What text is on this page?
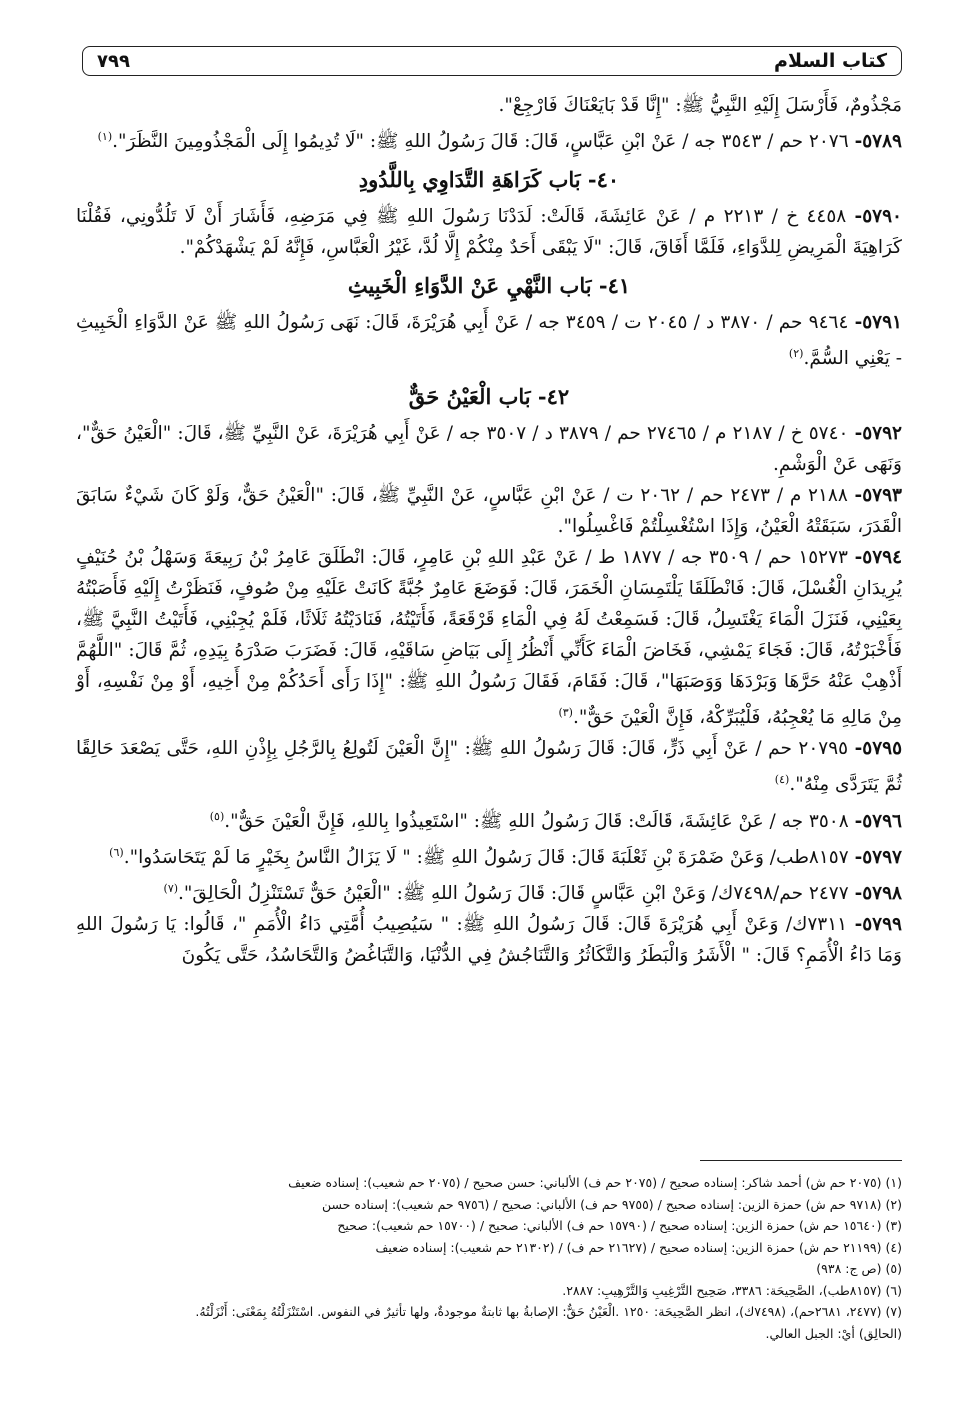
كتاب السلام
٧٩٩

مَجْذُومٌ، فَأَرْسَلَ إِلَيْهِ النَّبِيُّ ﷺ: "إِنَّا قَدْ بَايَعْنَاكَ فَارْجِعْ".

٥٧٨٩- ٢٠٧٦ حم / ٣٥٤٣ جه / عَنْ ابْنِ عَبَّاسٍ، قَالَ: قَالَ رَسُولُ اللهِ ﷺ: "لَا تُدِيمُوا إِلَى الْمَجْذُومِينَ النَّظَرَ".$^{(١)}$

٤٠- بَاب كَرَاهَةِ التَّدَاوِي بِاللَّدُودِ

٥٧٩٠- ٤٤٥٨ خ / ٢٢١٣ م / عَنْ عَائِشَةَ، قَالَتْ: لَدَدْنَا رَسُولَ اللهِ ﷺ فِي مَرَضِهِ، فَأَشَارَ أَنْ لَا تَلُدُّونِي، فَقُلْنَا كَرَاهِيَةَ الْمَرِيضِ لِلدَّوَاءِ، فَلَمَّا أَفَاقَ، قَالَ: "لَا يَبْقَى أَحَدٌ مِنْكُمْ إِلَّا لُدَّ، غَيْرُ الْعَبَّاسِ، فَإِنَّهُ لَمْ يَشْهَدْكُمْ".

٤١- بَاب النَّهْيِ عَنْ الدَّوَاءِ الْخَبِيثِ

٥٧٩١- ٩٤٦٤ حم / ٣٨٧٠ د / ٢٠٤٥ ت / ٣٤٥٩ جه / عَنْ أَبِي هُرَيْرَةَ، قَالَ: نَهَى رَسُولُ اللهِ ﷺ عَنْ الدَّوَاءِ الْخَبِيثِ - يَعْنِي السُّمَّ.$^{(٢)}$

٤٢- بَاب الْعَيْنُ حَقٌّ

٥٧٩٢- ٥٧٤٠ خ / ٢١٨٧ م / ٢٧٤٦٥ حم / ٣٨٧٩ د / ٣٥٠٧ جه / عَنْ أَبِي هُرَيْرَةَ، عَنْ النَّبِيِّ ﷺ، قَالَ: "الْعَيْنُ حَقٌّ"، وَنَهَى عَنْ الْوَشْمِ.

٥٧٩٣- ٢١٨٨ م / ٢٤٧٣ حم / ٢٠٦٢ ت / عَنْ ابْنِ عَبَّاسٍ، عَنْ النَّبِيِّ ﷺ، قَالَ: "الْعَيْنُ حَقٌّ، وَلَوْ كَانَ شَيْءٌ سَابَقَ الْقَدَرَ، سَبَقَتْهُ الْعَيْنُ، وَإِذَا اسْتُغْسِلْتُمْ فَاغْسِلُوا".

٥٧٩٤- ١٥٢٧٣ حم / ٣٥٠٩ جه / ١٨٧٧ ط / عَنْ عَبْدِ اللهِ بْنِ عَامِرٍ، قَالَ: انْطَلَقَ عَامِرُ بْنُ رَبِيعَةَ وَسَهْلُ بْنُ حُنَيْفٍ يُرِيدَانِ الْغُسْلَ، قَالَ: فَانْطَلَقَا يَلْتَمِسَانِ الْخَمَرَ، قَالَ: فَوَضَعَ عَامِرٌ جُبَّةً كَانَتْ عَلَيْهِ مِنْ صُوفٍ، فَنَظَرْتُ إِلَيْهِ فَأَصَبْتُهُ بِعَيْنِي، فَنَزَلَ الْمَاءَ يَغْتَسِلُ، قَالَ: فَسَمِعْتُ لَهُ فِي الْمَاءِ قَرْقَعَةً، فَأَتَيْتُهُ، فَنَادَيْتُهُ ثَلَاثًا، فَلَمْ يُجِبْنِي، فَأَتَيْتُ النَّبِيَّ ﷺ، فَأَخْبَرْتُهُ، قَالَ: فَجَاءَ يَمْشِي، فَخَاضَ الْمَاءَ كَأَنِّي أَنْظُرُ إِلَى بَيَاضِ سَاقَيْهِ، قَالَ: فَضَرَبَ صَدْرَهُ بِيَدِهِ، ثُمَّ قَالَ: "اللَّهُمَّ أَذْهِبْ عَنْهُ حَرَّهَا وَبَرْدَهَا وَوَصَبَهَا"، قَالَ: فَقَامَ، فَقَالَ رَسُولُ اللهِ ﷺ: "إِذَا رَأَى أَحَدُكُمْ مِنْ أَخِيهِ، أَوْ مِنْ نَفْسِهِ، أَوْ مِنْ مَالِهِ مَا يُعْجِبُهُ، فَلْيُبَرِّكْهُ، فَإِنَّ الْعَيْنَ حَقٌّ".$^{(٣)}$

٥٧٩٥- ٢٠٧٩٥ حم / عَنْ أَبِي ذَرٍّ، قَالَ: قَالَ رَسُولُ اللهِ ﷺ: "إِنَّ الْعَيْنَ لَتُولِعُ بِالرَّجُلِ بِإِذْنِ اللهِ، حَتَّى يَصْعَدَ حَالِقًا ثُمَّ يَتَرَدَّى مِنْهُ".$^{(٤)}$

٥٧٩٦- ٣٥٠٨ جه / عَنْ عَائِشَةَ، قَالَتْ: قَالَ رَسُولُ اللهِ ﷺ: "اسْتَعِيذُوا بِاللهِ، فَإِنَّ الْعَيْنَ حَقٌّ".$^{(٥)}$

٥٧٩٧- ٨١٥٧طب/ وَعَنْ ضَمْرَةَ بْنِ ثَعْلَبَةَ قَالَ: قَالَ رَسُولُ اللهِ ﷺ: " لَا يَزَالُ النَّاسُ بِخَيْرٍ مَا لَمْ يَتَحَاسَدُوا".$^{(٦)}$

٥٧٩٨- ٢٤٧٧ حم/٧٤٩٨ك/ وَعَنْ ابْنِ عَبَّاسٍ قَالَ: قَالَ رَسُولُ اللهِ ﷺ: "الْعَيْنُ حَقٌّ تَسْتَنْزِلُ الْحَالِقَ".$^{(٧)}$

٥٧٩٩- ٧٣١١ك/ وَعَنْ أَبِي هُرَيْرَةَ قَالَ: قَالَ رَسُولُ اللهِ ﷺ: " سَيُصِيبُ أُمَّتِي دَاءُ الْأُمَمِ "، قَالُوا: يَا رَسُولَ اللهِ وَمَا دَاءُ الْأُمَمِ؟ قَالَ: " الْأَشَرُ وَالْبَطَرُ وَالتَّكَاثُرُ وَالتَّنَاجُشُ فِي الدُّنْيَا، وَالتَّبَاغُضُ وَالتَّحَاسُدُ، حَتَّى يَكُونَ

(١) (٢٠٧٥ حم ش) أحمد شاكر: إسناده صحيح / (٢٠٧٥ حم ف) الألباني: حسن صحيح / (٢٠٧٥ حم شعيب): إسناده ضعيف

(٢) (٩٧١٨ حم ش) حمزة الزين: إسناده صحيح / (٩٧٥٥ حم ف) الألباني: صحيح / (٩٧٥٦ حم شعيب): إسناده حسن

(٣) (١٥٦٤٠ حم ش) حمزة الزين: إسناده صحيح / (١٥٧٩٠ حم ف) الألباني: صحيح / (١٥٧٠٠ حم شعيب): صحيح

(٤) (٢١١٩٩ حم ش) حمزة الزين: إسناده صحيح / (٢١٦٢٧ حم ف) / (٢١٣٠٢ حم شعيب): إسناده ضعيف

(٥) (ص ج: ٩٣٨)

(٦) (٨١٥٧طب)، الصَّحِيحَة: ٣٣٨٦، صَحِيح التَّرْغِيبِ وَالتَّرْهِيبِ: ٢٨٨٧.

(٧) (٢٤٧٧، ٢٦٨١حم)، (٧٤٩٨ك)، انظر الصَّحِيحَة: ١٢٥٠ .الْعَيْنُ حَقٌّ: الإصابةُ بها ثابتةٌ موجودةٌ، ولها تأثيرٌ في النفوس. اسْتَنْزَلْتُهُ بِمَعْنَى: أَنْزَلْتُهُ.

(الحالِق) أيْ: الجبل العالي.
